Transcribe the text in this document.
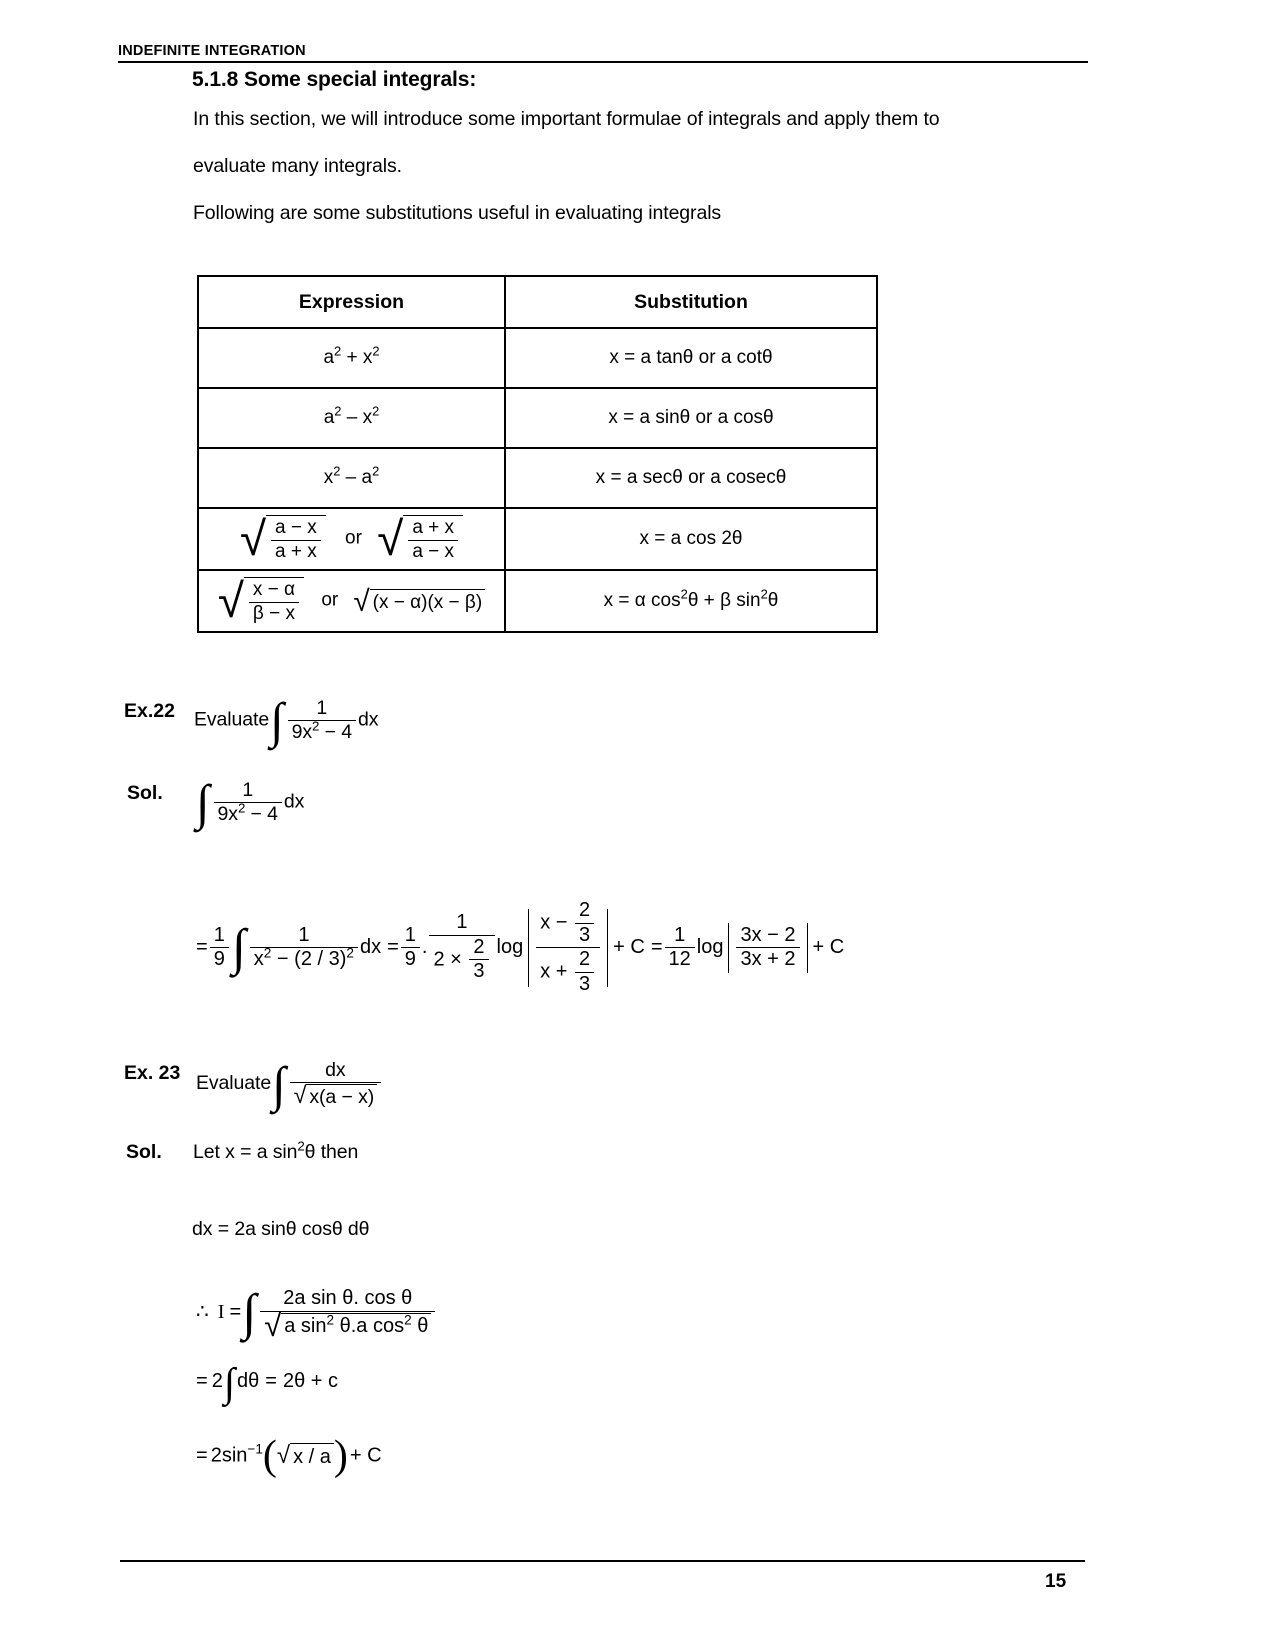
INDEFINITE INTEGRATION
5.1.8 Some special integrals:
In this section, we will introduce some important formulae of integrals and apply them to
evaluate many integrals.
Following are some substitutions useful in evaluating integrals
Expression	Substitution
$a^2 + x^2$	x = a tanθ or a cotθ
$a^2 - x^2$	x = a sinθ or a cosθ
$x^2 - a^2$	x = a secθ or a cosecθ
√ $\frac{a - x}{a + x}$ or √ $\frac{a + x}{a - x}$	x = a cos 2θ
√ $\frac{x - \alpha}{\beta - x}$ or √ (x − α)(x − β)	x = α $\cos^2\theta + \beta$ $\sin^2\theta$
Ex.22 Evaluate∫ $\frac{1}{9x^2 - 4}$ dx
Sol. ∫ $\frac{1}{9x^2 - 4}$ dx
= $\frac{1}{9}$ ∫ $\frac{1}{x^2 - (2 / 3)^2}$ dx = $\frac{1}{9}$ . $\frac{1}{2 \times \frac{2}{3}}$ $\log \frac{x - \frac{2}{3}}{x + \frac{2}{3}} + C = \frac{1}{12}$ $\log \frac{3x - 2}{3x + 2} + C$
Ex. 23 Evaluate∫ $\frac{dx}{√ x(a - x)}$
Sol. Let x = a $\sin^2\theta$ then
dx = 2a sinθ cosθ dθ
∴ I =∫ $\frac{\text{2a sin θ. cos θ}}{√ a \sin^2 \theta.a \cos^2 \theta}$
= 2∫ dθ = 2θ + c
= $2\sin^{-1}(√$ x / a) + C
15
